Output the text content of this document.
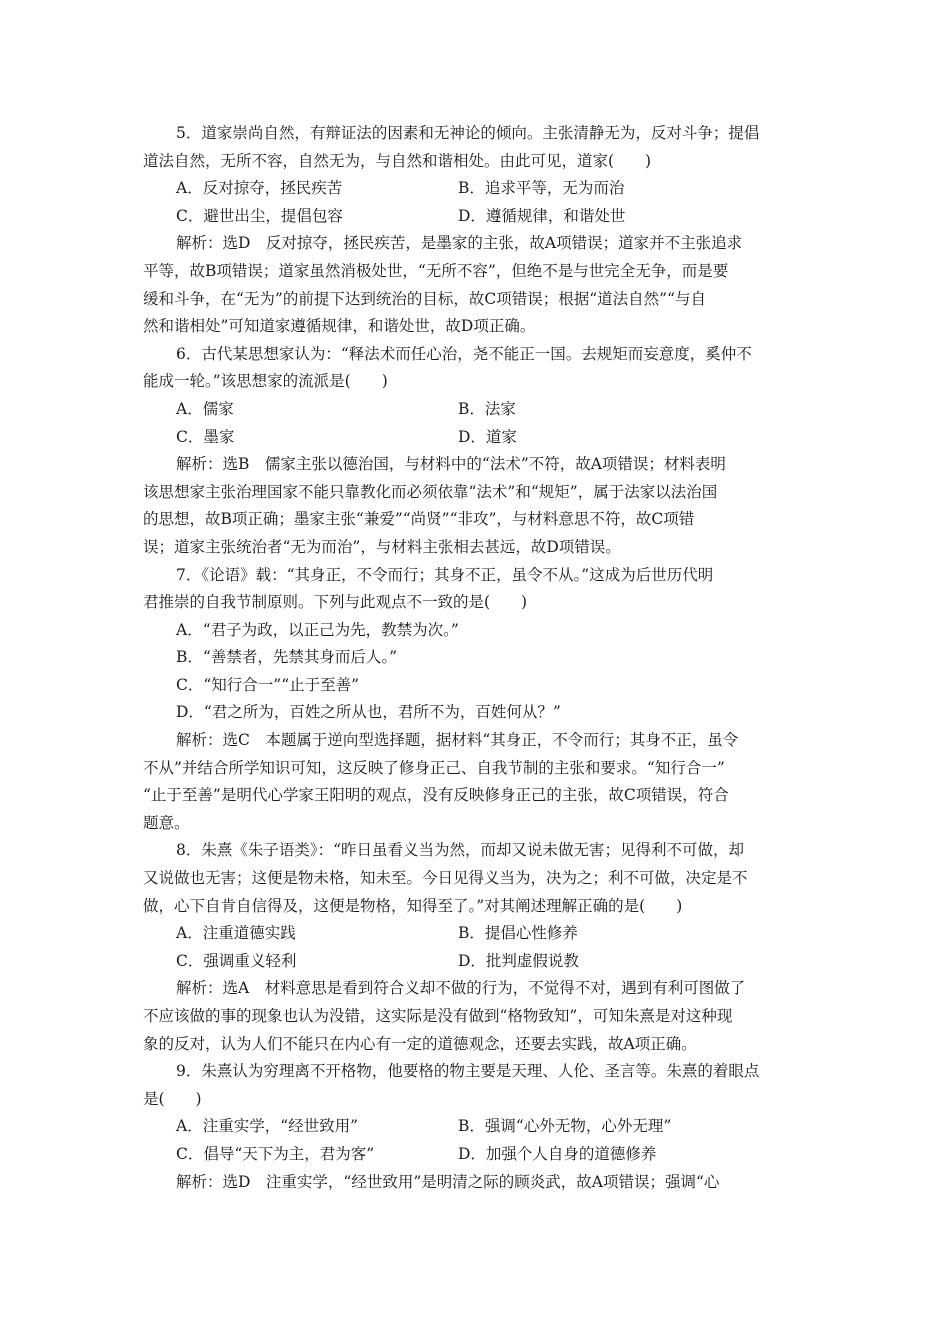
5．道家崇尚自然，有辩证法的因素和无神论的倾向。主张清静无为，反对斗争；提倡
道法自然，无所不容，自然无为，与自然和谐相处。由此可见，道家(　　)
A．反对掠夺，拯民疾苦	B．追求平等，无为而治
C．避世出尘，提倡包容	D．遵循规律，和谐处世
解析：选D　反对掠夺，拯民疾苦，是墨家的主张，故A项错误；道家并不主张追求
平等，故B项错误；道家虽然消极处世，“无所不容”，但绝不是与世完全无争，而是要
缓和斗争，在“无为”的前提下达到统治的目标，故C项错误；根据“道法自然”“与自
然和谐相处”可知道家遵循规律，和谐处世，故D项正确。
6．古代某思想家认为：“释法术而任心治，尧不能正一国。去规矩而妄意度，奚仲不
能成一轮。”该思想家的流派是(　　)
A．儒家	B．法家
C．墨家	D．道家
解析：选B　儒家主张以德治国，与材料中的“法术”不符，故A项错误；材料表明
该思想家主张治理国家不能只靠教化而必须依靠“法术”和“规矩”，属于法家以法治国
的思想，故B项正确；墨家主张“兼爱”“尚贤”“非攻”，与材料意思不符，故C项错
误；道家主张统治者“无为而治”，与材料主张相去甚远，故D项错误。
7．《论语》载：“其身正，不令而行；其身不正，虽令不从。”这成为后世历代明
君推崇的自我节制原则。下列与此观点不一致的是(　　)
A．“君子为政，以正己为先，教禁为次。”
B．“善禁者，先禁其身而后人。”
C．“知行合一”“止于至善”
D．“君之所为，百姓之所从也，君所不为，百姓何从？”
解析：选C　本题属于逆向型选择题，据材料“其身正，不令而行；其身不正，虽令
不从”并结合所学知识可知，这反映了修身正己、自我节制的主张和要求。“知行合一”
“止于至善”是明代心学家王阳明的观点，没有反映修身正己的主张，故C项错误，符合
题意。
8．朱熹《朱子语类》：“昨日虽看义当为然，而却又说未做无害；见得利不可做，却
又说做也无害；这便是物未格，知未至。今日见得义当为，决为之；利不可做，决定是不
做，心下自肯自信得及，这便是物格，知得至了。”对其阐述理解正确的是(　　)
A．注重道德实践	B．提倡心性修养
C．强调重义轻利	D．批判虚假说教
解析：选A　材料意思是看到符合义却不做的行为，不觉得不对，遇到有利可图做了
不应该做的事的现象也认为没错，这实际是没有做到“格物致知”，可知朱熹是对这种现
象的反对，认为人们不能只在内心有一定的道德观念，还要去实践，故A项正确。
9．朱熹认为穷理离不开格物，他要格的物主要是天理、人伦、圣言等。朱熹的着眼点
是(　　)
A．注重实学，“经世致用”	B．强调“心外无物，心外无理”
C．倡导“天下为主，君为客”	D．加强个人自身的道德修养
解析：选D　注重实学，“经世致用”是明清之际的顾炎武，故A项错误；强调“心
